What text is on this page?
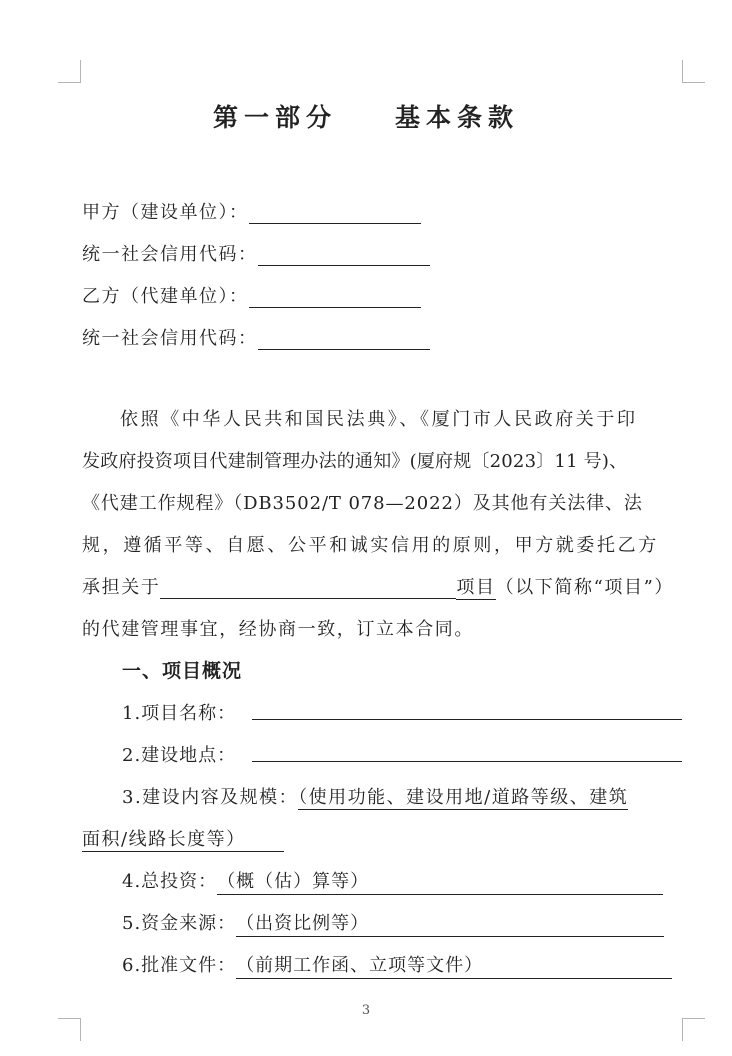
第一部分 基本条款
甲方（建设单位）：
统一社会信用代码：
乙方（代建单位）：
统一社会信用代码：
依照《中华人民共和国民法典》、《厦门市人民政府关于印
发政府投资项目代建制管理办法的通知》(厦府规〔2023〕11 号)、
《代建工作规程》（DB3502/T 078—2022）及其他有关法律、法
规，遵循平等、自愿、公平和诚实信用的原则，甲方就委托乙方
承担关于	项目（以下简称“项目”）
的代建管理事宜，经协商一致，订立本合同。
一、项目概况
1.项目名称：
2.建设地点：
3.建设内容及规模：（使用功能、建设用地/道路等级、建筑
面积/线路长度等）
4.总投资：（概（估）算等）
5.资金来源：（出资比例等）
6.批准文件：（前期工作函、立项等文件）
3
